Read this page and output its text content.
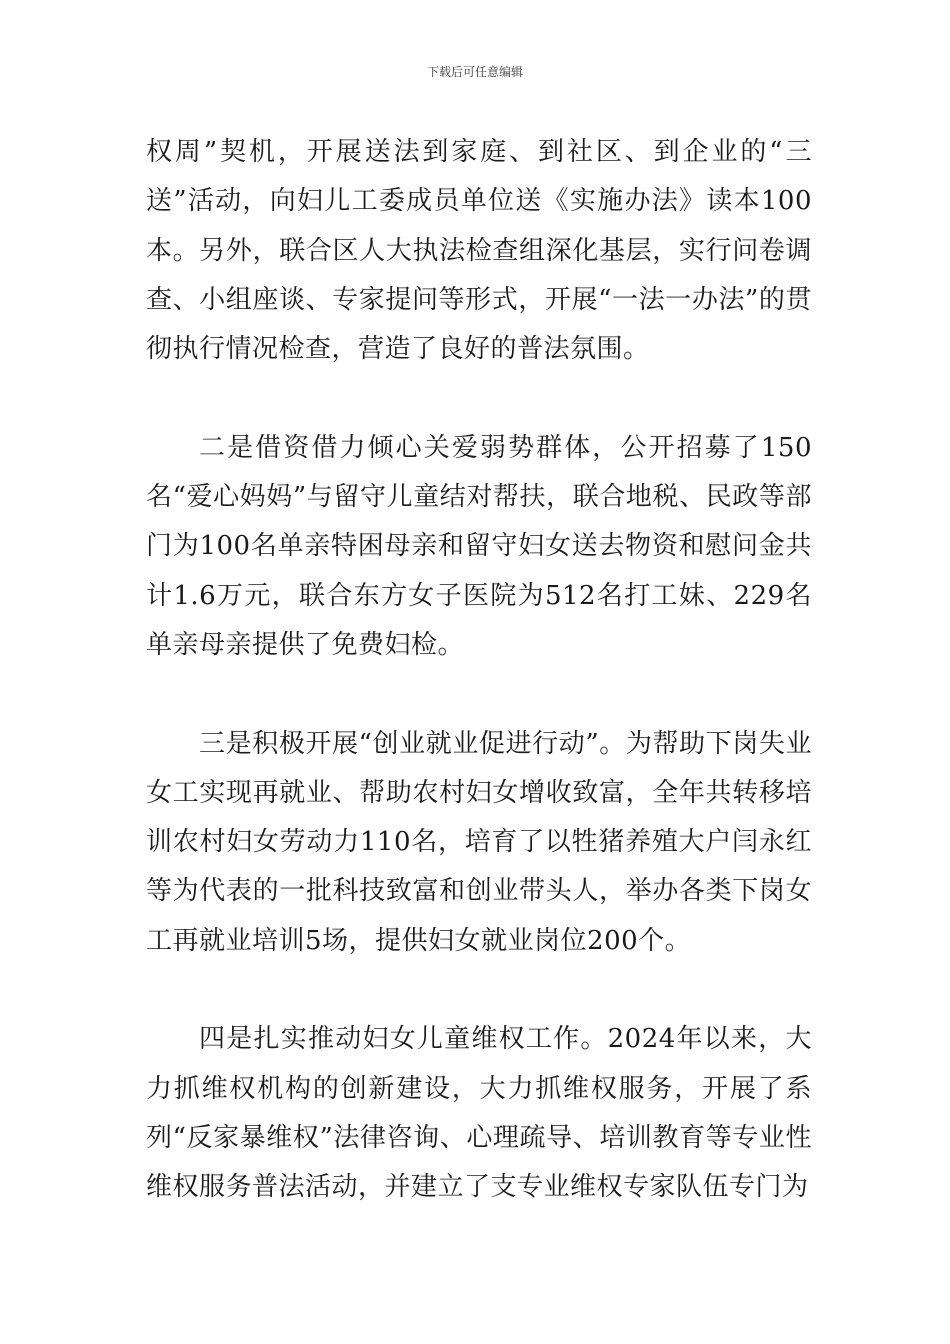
下载后可任意编辑

权周”契机，开展送法到家庭、到社区、到企业的“三送”活动，向妇儿工委成员单位送《实施办法》读本100本。另外，联合区人大执法检查组深化基层，实行问卷调查、小组座谈、专家提问等形式，开展“一法一办法”的贯彻执行情况检查，营造了良好的普法氛围。

二是借资借力倾心关爱弱势群体，公开招募了150名“爱心妈妈”与留守儿童结对帮扶，联合地税、民政等部门为100名单亲特困母亲和留守妇女送去物资和慰问金共计1.6万元，联合东方女子医院为512名打工妹、229名单亲母亲提供了免费妇检。

三是积极开展“创业就业促进行动”。为帮助下岗失业女工实现再就业、帮助农村妇女增收致富，全年共转移培训农村妇女劳动力110名，培育了以牲猪养殖大户闫永红等为代表的一批科技致富和创业带头人，举办各类下岗女工再就业培训5场，提供妇女就业岗位200个。

四是扎实推动妇女儿童维权工作。2024年以来，大力抓维权机构的创新建设，大力抓维权服务，开展了系列“反家暴维权”法律咨询、心理疏导、培训教育等专业性维权服务普法活动，并建立了支专业维权专家队伍专门为
